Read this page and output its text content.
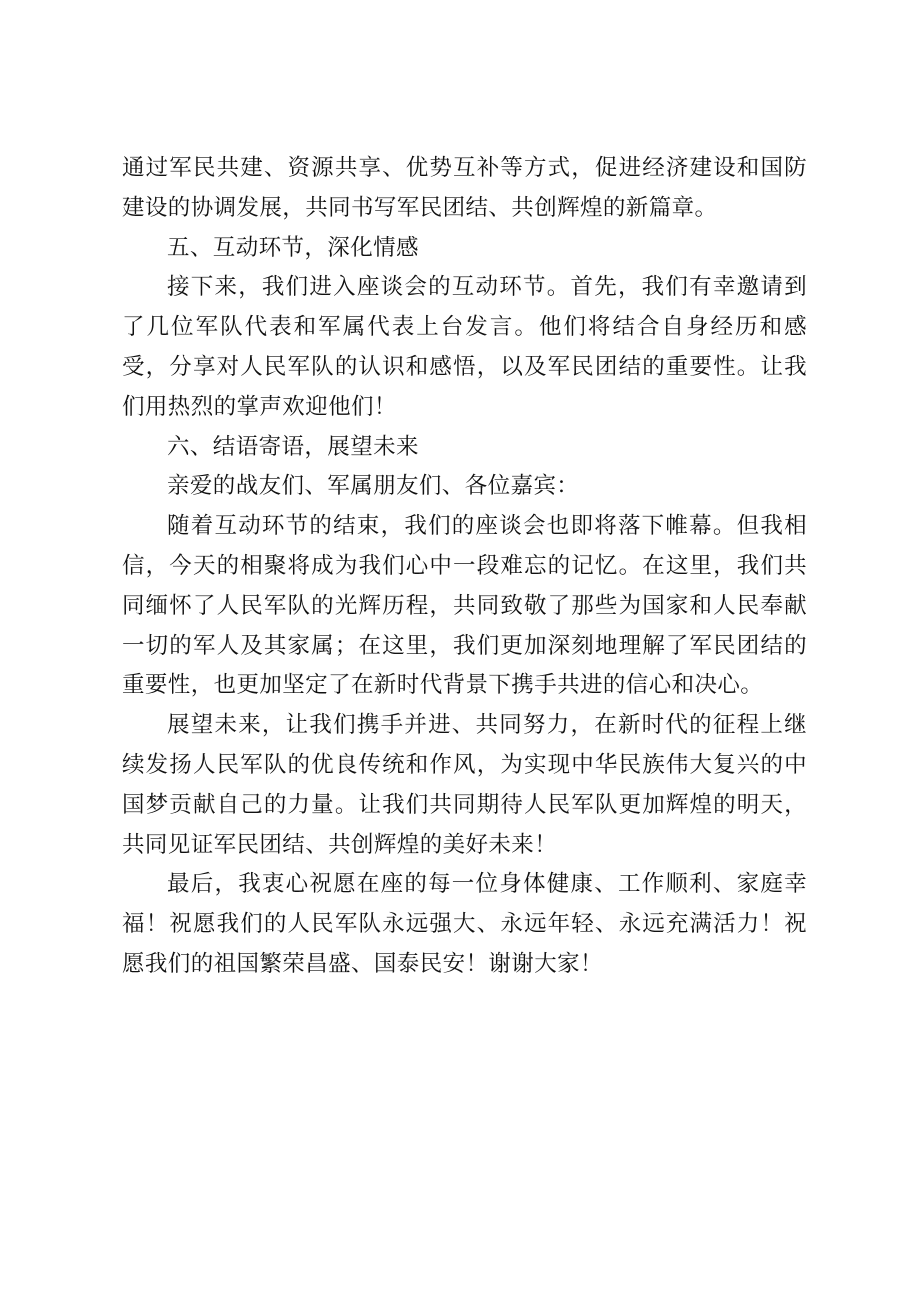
通过军民共建、资源共享、优势互补等方式，促进经济建设和国防建设的协调发展，共同书写军民团结、共创辉煌的新篇章。

五、互动环节，深化情感

接下来，我们进入座谈会的互动环节。首先，我们有幸邀请到了几位军队代表和军属代表上台发言。他们将结合自身经历和感受，分享对人民军队的认识和感悟，以及军民团结的重要性。让我们用热烈的掌声欢迎他们！

六、结语寄语，展望未来

亲爱的战友们、军属朋友们、各位嘉宾：

随着互动环节的结束，我们的座谈会也即将落下帷幕。但我相信，今天的相聚将成为我们心中一段难忘的记忆。在这里，我们共同缅怀了人民军队的光辉历程，共同致敬了那些为国家和人民奉献一切的军人及其家属；在这里，我们更加深刻地理解了军民团结的重要性，也更加坚定了在新时代背景下携手共进的信心和决心。

展望未来，让我们携手并进、共同努力，在新时代的征程上继续发扬人民军队的优良传统和作风，为实现中华民族伟大复兴的中国梦贡献自己的力量。让我们共同期待人民军队更加辉煌的明天，共同见证军民团结、共创辉煌的美好未来！

最后，我衷心祝愿在座的每一位身体健康、工作顺利、家庭幸福！祝愿我们的人民军队永远强大、永远年轻、永远充满活力！祝愿我们的祖国繁荣昌盛、国泰民安！谢谢大家！
